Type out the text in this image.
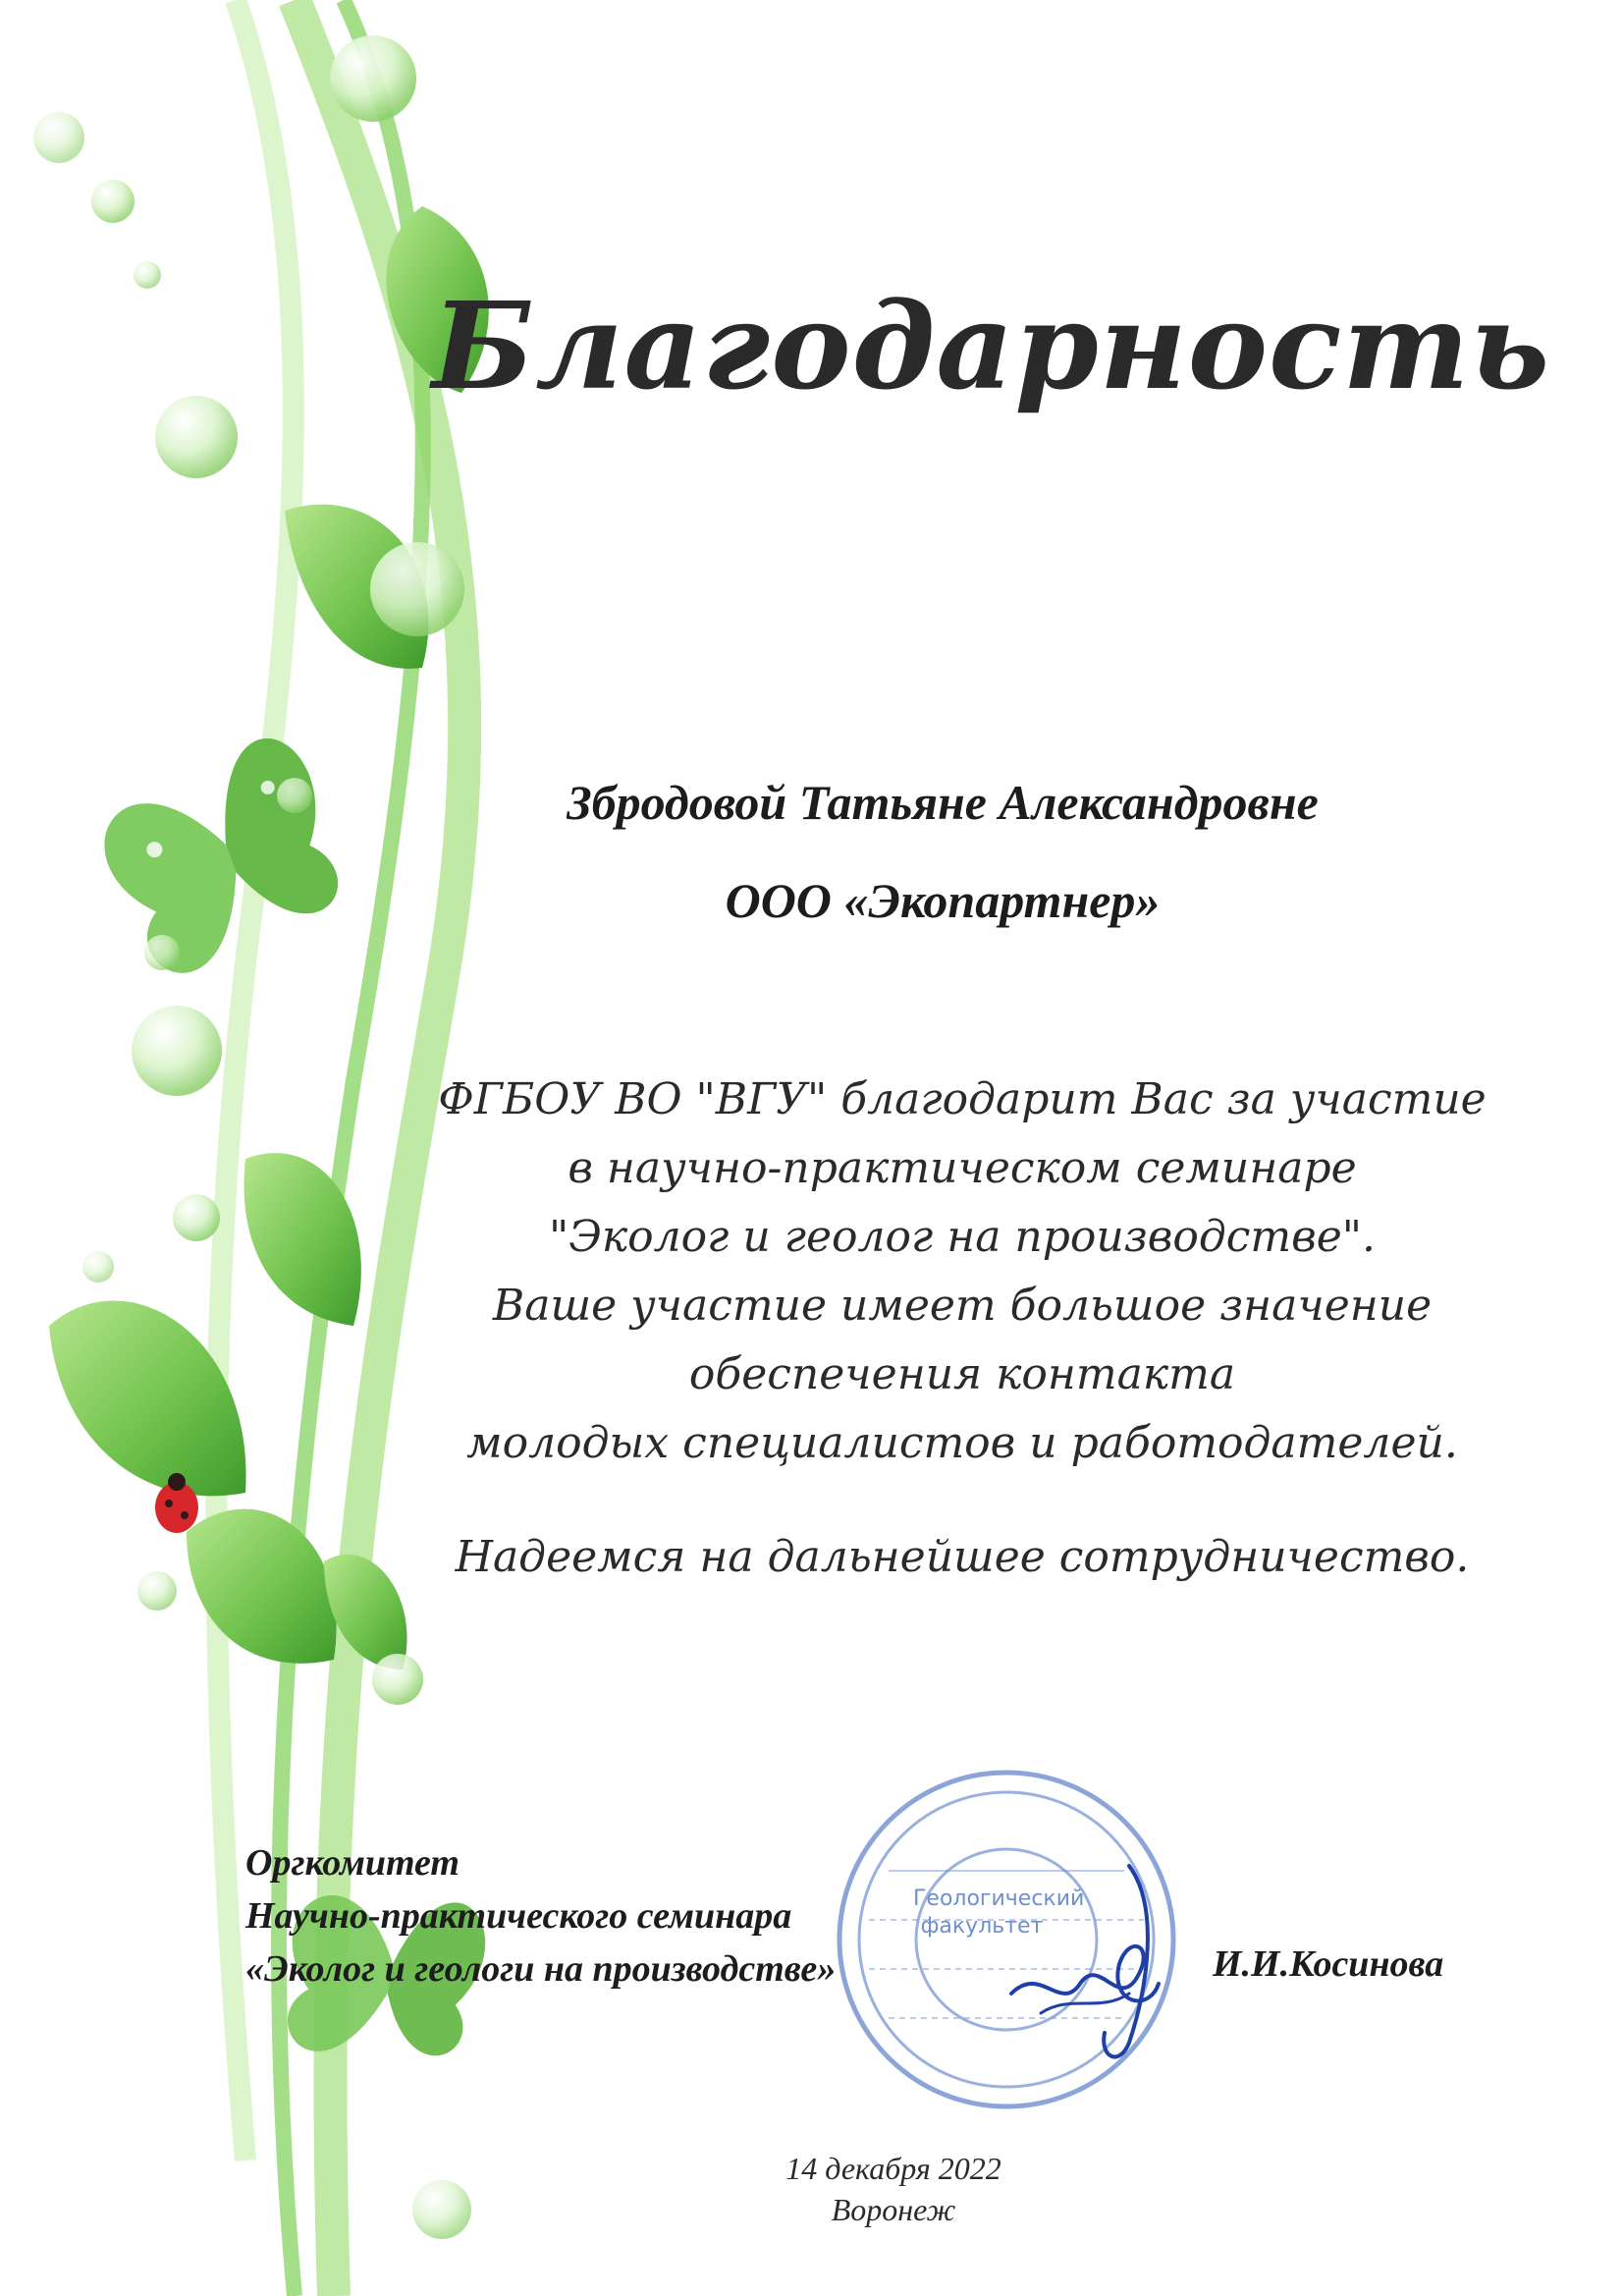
Благодарность
Збродовой Татьяне Александровне
ООО «Экопартнер»
ФГБОУ ВО "ВГУ" благодарит Вас за участие
в научно-практическом семинаре
"Эколог и геолог на производстве".
Ваше участие имеет большое значение
обеспечения контакта
молодых специалистов и работодателей.
Надеемся на дальнейшее сотрудничество.
Оргкомитет
Научно-практического семинара
«Эколог и геологи на производстве»
Геологический
факультет
И.И.Косинова
14 декабря 2022
Воронеж
